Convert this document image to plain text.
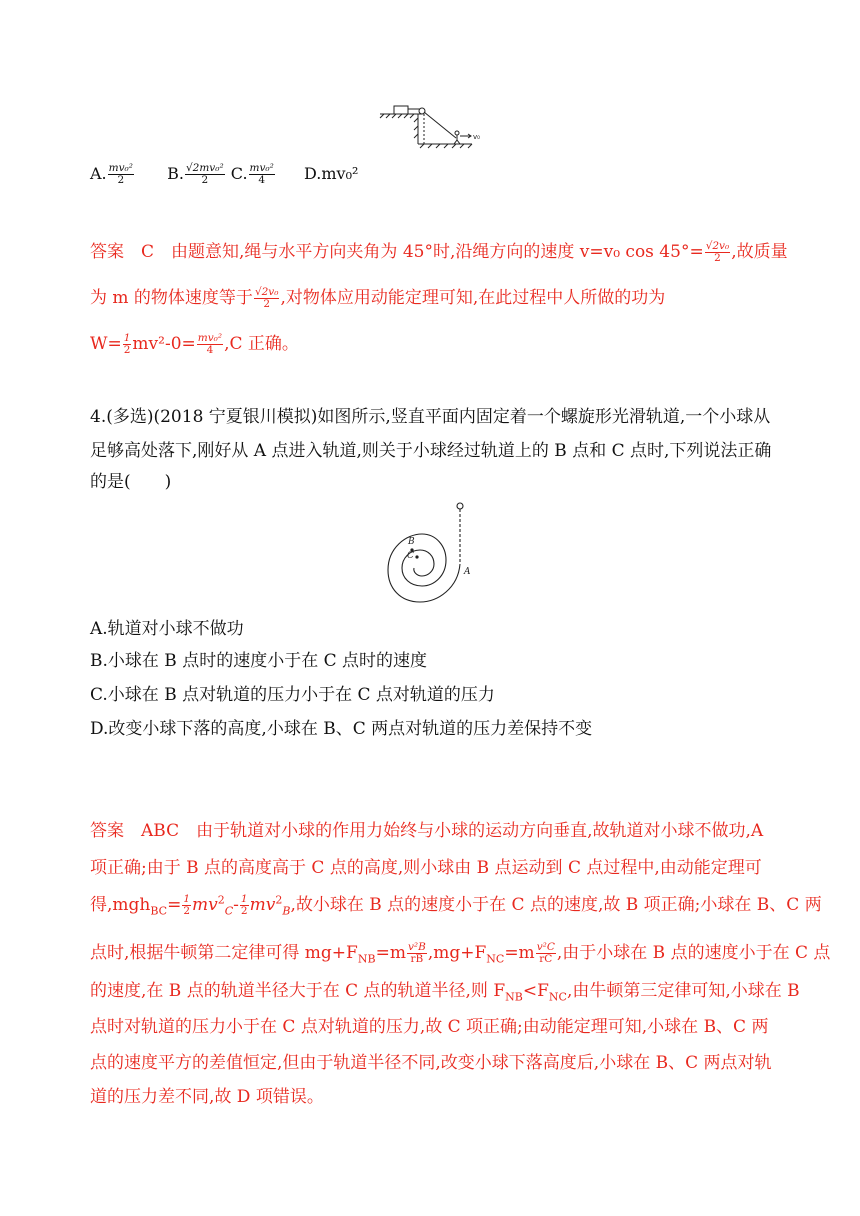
v₀
A. $\frac{\text{mv₀²}}{2} B$. $\frac{\text{√2mv₀²}}{2} C$. $\frac{\text{mv₀²}}{4} D.mv_0^2$
答案　C　由题意知,绳与水平方向夹角为 45°时,沿绳方向的速度 v=v₀ $\cos 45^\circ= \frac{\text{√2v₀}}{2}$ ,故质量
为 m 的物体速度等于 $\frac{\text{√2v₀}}{2}$ ,对物体应用动能定理可知,在此过程中人所做的功为
$W= \frac{1}{2} mv^2-0= \frac{\text{mv₀²}}{4} ,C$ 正确。
4.(多选)(2018 宁夏银川模拟)如图所示,竖直平面内固定着一个螺旋形光滑轨道,一个小球从
足够高处落下,刚好从 A 点进入轨道,则关于小球经过轨道上的 B 点和 C 点时,下列说法正确
的是(　　)
B
C
A
A.轨道对小球不做功
B.小球在 B 点时的速度小于在 C 点时的速度
C.小球在 B 点对轨道的压力小于在 C 点对轨道的压力
D.改变小球下落的高度,小球在 B、C 两点对轨道的压力差保持不变
答案　ABC　由于轨道对小球的作用力始终与小球的运动方向垂直,故轨道对小球不做功,A
项正确;由于 B 点的高度高于 C 点的高度,则小球由 B 点运动到 C 点过程中,由动能定理可
得$,mgh_{BC}= \frac{1}{2}$ m𝑣$^2_C$- $\frac{1}{2}$ m𝑣$^2_B$,故小球在 B 点的速度小于在 C 点的速度,故 B 项正确;小球在 B、C 两
点时,根据牛顿第二定律可得 $mg+F_{NB}=m \frac{\text{v²B}}{rB} ,mg+F_{NC}=m \frac{\text{v²C}}{rC}$ ,由于小球在 B 点的速度小于在 C 点
的速度,在 B 点的轨道半径大于在 C 点的轨道半径,则 $F_{NB}<F_{NC}$,由牛顿第三定律可知,小球在 B
点时对轨道的压力小于在 C 点对轨道的压力,故 C 项正确;由动能定理可知,小球在 B、C 两
点的速度平方的差值恒定,但由于轨道半径不同,改变小球下落高度后,小球在 B、C 两点对轨
道的压力差不同,故 D 项错误。
